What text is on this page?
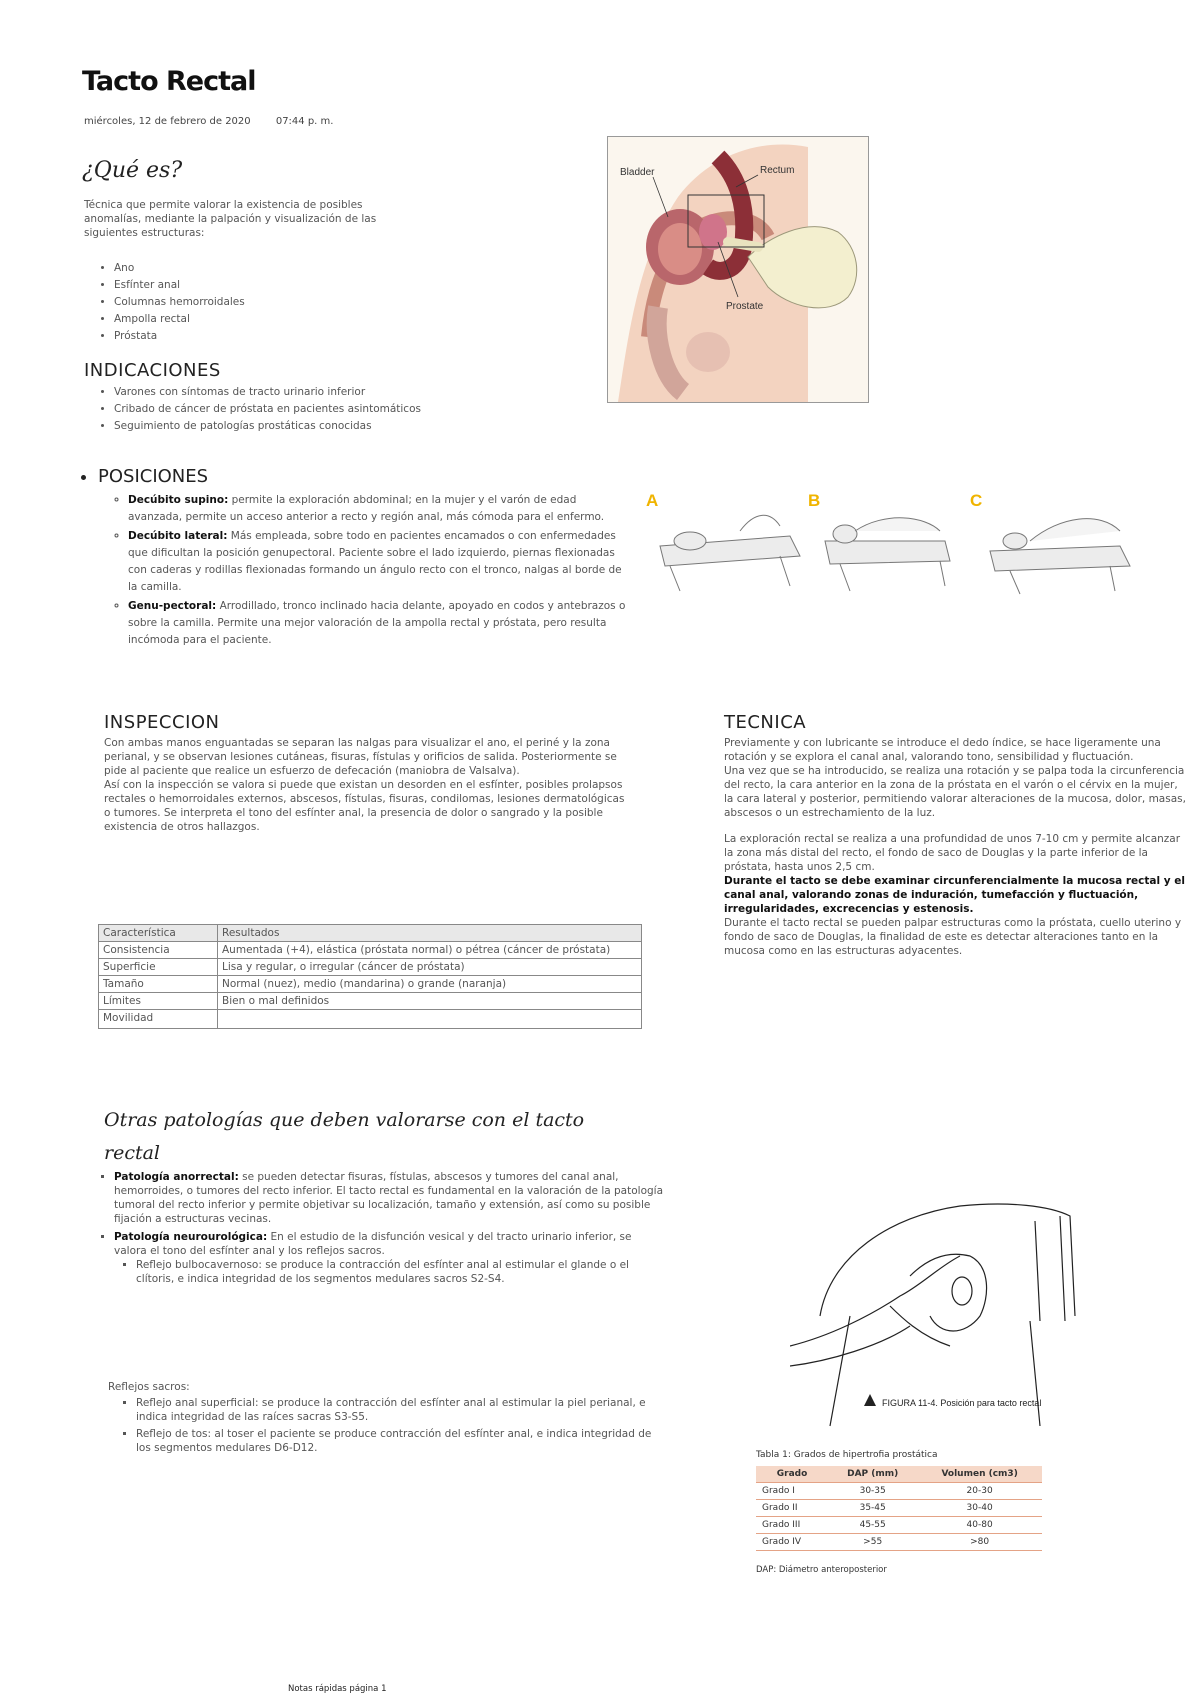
Tacto Rectal
miércoles, 12 de febrero de 2020	07:44 p. m.
¿Qué es?
Técnica que permite valorar la existencia de posibles anomalías, mediante la palpación y visualización de las siguientes estructuras:
• Ano
• Esfínter anal
• Columnas hemorroidales
• Ampolla rectal
• Próstata
INDICACIONES
• Varones con síntomas de tracto urinario inferior
• Cribado de cáncer de próstata en pacientes asintomáticos
• Seguimiento de patologías prostáticas conocidas
Bladder	Rectum
Prostate
• POSICIONES
◦ Decúbito supino: permite la exploración abdominal; en la mujer y el varón de edad avanzada, permite un acceso anterior a recto y región anal, más cómoda para el enfermo.
◦ Decúbito lateral: Más empleada, sobre todo en pacientes encamados o con enfermedades que dificultan la posición genupectoral. Paciente sobre el lado izquierdo, piernas flexionadas con caderas y rodillas flexionadas formando un ángulo recto con el tronco, nalgas al borde de la camilla.
◦ Genu-pectoral: Arrodillado, tronco inclinado hacia delante, apoyado en codos y antebrazos o sobre la camilla. Permite una mejor valoración de la ampolla rectal y próstata, pero resulta incómoda para el paciente.
A	B	C
INSPECCION
Con ambas manos enguantadas se separan las nalgas para visualizar el ano, el periné y la zona perianal, y se observan lesiones cutáneas, fisuras, fístulas y orificios de salida. Posteriormente se pide al paciente que realice un esfuerzo de defecación (maniobra de Valsalva).
Así con la inspección se valora si puede que existan un desorden en el esfínter, posibles prolapsos rectales o hemorroidales externos, abscesos, fístulas, fisuras, condilomas, lesiones dermatológicas o tumores. Se interpreta el tono del esfínter anal, la presencia de dolor o sangrado y la posible existencia de otros hallazgos.
Característica	Resultados
Consistencia	Aumentada (+4), elástica (próstata normal) o pétrea (cáncer de próstata)
Superficie	Lisa y regular, o irregular (cáncer de próstata)
Tamaño	Normal (nuez), medio (mandarina) o grande (naranja)
Límites	Bien o mal definidos
Movilidad	
TECNICA
Previamente y con lubricante se introduce el dedo índice, se hace ligeramente una rotación y se explora el canal anal, valorando tono, sensibilidad y fluctuación.
Una vez que se ha introducido, se realiza una rotación y se palpa toda la circunferencia del recto, la cara anterior en la zona de la próstata en el varón o el cérvix en la mujer, la cara lateral y posterior, permitiendo valorar alteraciones de la mucosa, dolor, masas, abscesos o un estrechamiento de la luz.
La exploración rectal se realiza a una profundidad de unos 7-10 cm y permite alcanzar la zona más distal del recto, el fondo de saco de Douglas y la parte inferior de la próstata, hasta unos 2,5 cm.
Durante el tacto se debe examinar circunferencialmente la mucosa rectal y el canal anal, valorando zonas de induración, tumefacción y fluctuación, irregularidades, excrecencias y estenosis.
Durante el tacto rectal se pueden palpar estructuras como la próstata, cuello uterino y fondo de saco de Douglas, la finalidad de este es detectar alteraciones tanto en la mucosa como en las estructuras adyacentes.
Otras patologías que deben valorarse con el tacto rectal
▪ Patología anorrectal: se pueden detectar fisuras, fístulas, abscesos y tumores del canal anal, hemorroides, o tumores del recto inferior. El tacto rectal es fundamental en la valoración de la patología tumoral del recto inferior y permite objetivar su localización, tamaño y extensión, así como su posible fijación a estructuras vecinas.
▪ Patología neurourológica: En el estudio de la disfunción vesical y del tracto urinario inferior, se valora el tono del esfínter anal y los reflejos sacros.
▪ Reflejo bulbocavernoso: se produce la contracción del esfínter anal al estimular el glande o el clítoris, e indica integridad de los segmentos medulares sacros S2-S4.
Reflejos sacros:
▪ Reflejo anal superficial: se produce la contracción del esfínter anal al estimular la piel perianal, e indica integridad de las raíces sacras S3-S5.
▪ Reflejo de tos: al toser el paciente se produce contracción del esfínter anal, e indica integridad de los segmentos medulares D6-D12.
FIGURA 11-4. Posición para tacto rectal
Tabla 1: Grados de hipertrofia prostática
Grado	DAP (mm)	Volumen (cm3)
Grado I	30-35	20-30
Grado II	35-45	30-40
Grado III	45-55	40-80
Grado IV	>55	>80
DAP: Diámetro anteroposterior
Notas rápidas página 1
